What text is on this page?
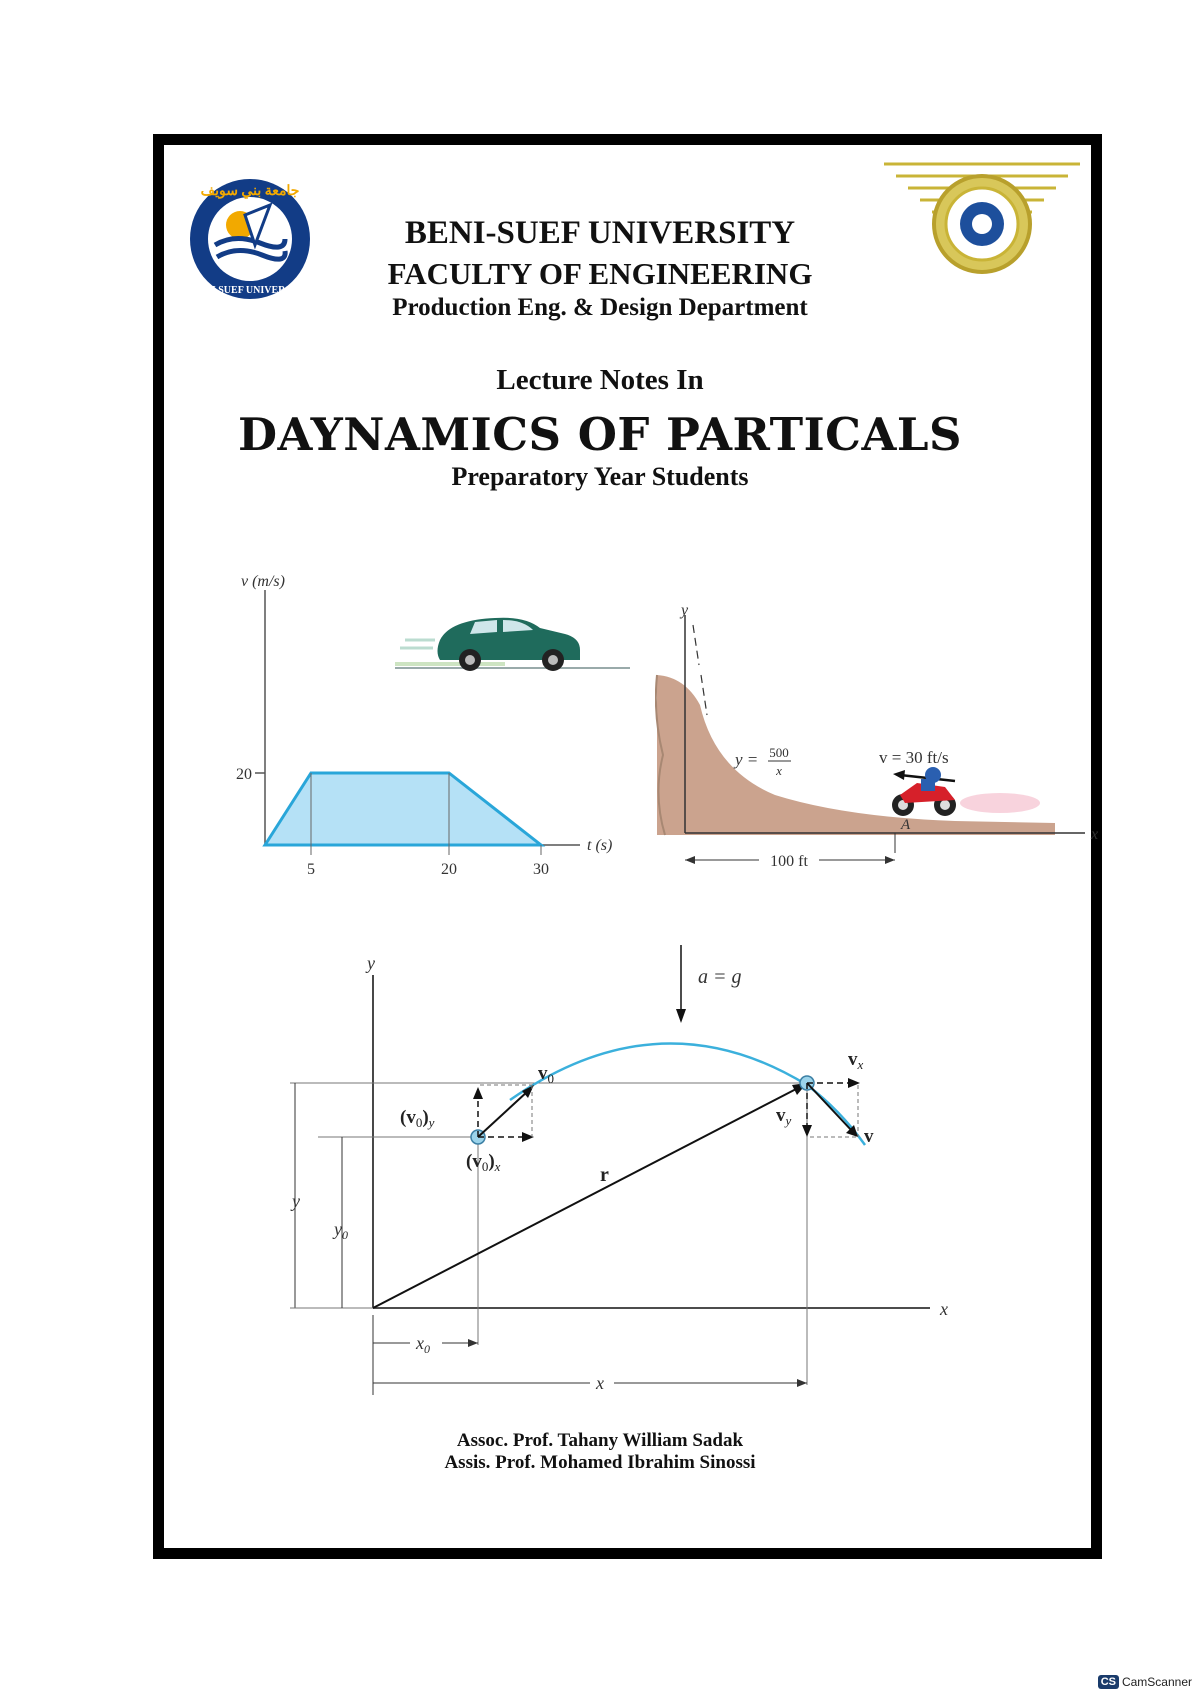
جامعة بني سويف
BENI SUEF UNIVERSITY
BENI-SUEF UNIVERSITY
FACULTY OF ENGINEERING
Production Eng. & Design Department
Lecture Notes In
DAYNAMICS OF PARTICALS
Preparatory Year Students
v (m/s)
t (s)
20
5	20	30
y
x
y = 500
x
v = 30 ft/s
A
100 ft
y
x
a = g
r
$v_0$
$(v_0)_y$
$(v_0)_x$
$v_x$
$v_y$
v
y
$y_0$
$x_0$
x
Assoc. Prof. Tahany William Sadak
Assis. Prof. Mohamed Ibrahim Sinossi
CS CamScanner
